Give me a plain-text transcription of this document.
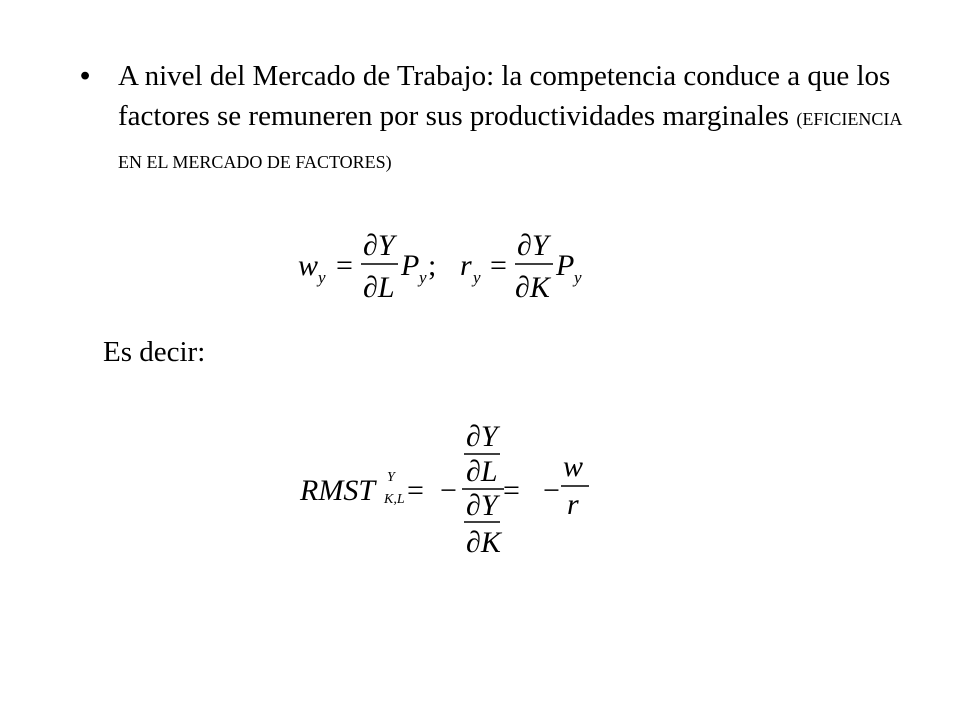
• A nivel del Mercado de Trabajo: la competencia conduce a que los factores se remuneren por sus productividades marginales (EFICIENCIA EN EL MERCADO DE FACTORES)
w y =
∂Y
∂L
P y ; r y =
∂Y
∂K
P y
Es decir:
RMST Y
K,L = −
∂Y
∂L
∂Y
∂K
= −
w
r
